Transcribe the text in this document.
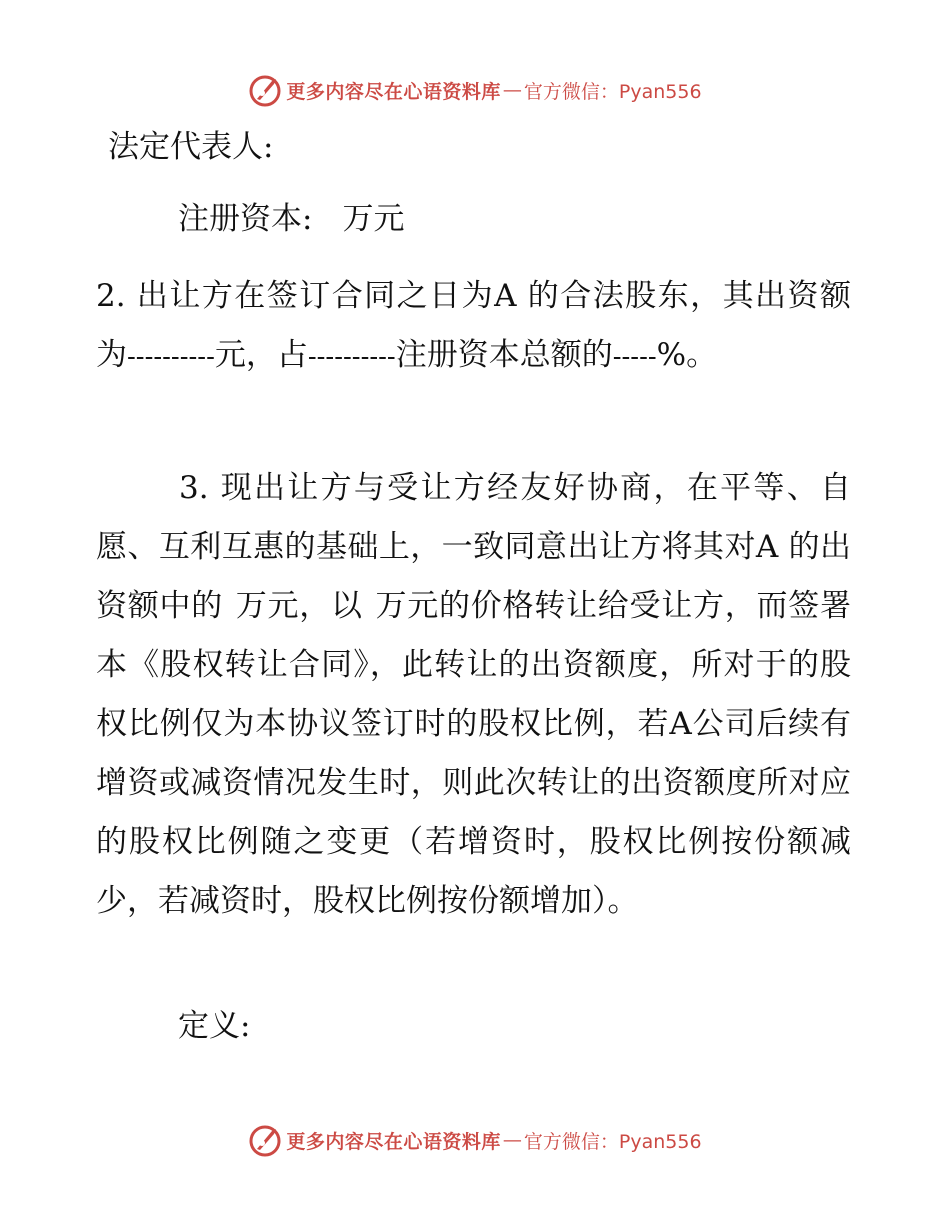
更多内容尽在心语资料库 — 官方微信：Pyan556

法定代表人:

注册资本: 万元

2. 出让方在签订合同之日为A 的合法股东，其出资额为----------元，占----------注册资本总额的-----%。

3. 现出让方与受让方经友好协商，在平等、自愿、互利互惠的基础上，一致同意出让方将其对A 的出资额中的 万元，以 万元的价格转让给受让方，而签署本《股权转让合同》，此转让的出资额度，所对于的股权比例仅为本协议签订时的股权比例，若A公司后续有增资或减资情况发生时，则此次转让的出资额度所对应的股权比例随之变更（若增资时，股权比例按份额减少，若减资时，股权比例按份额增加）。

定义:

更多内容尽在心语资料库 — 官方微信：Pyan556
